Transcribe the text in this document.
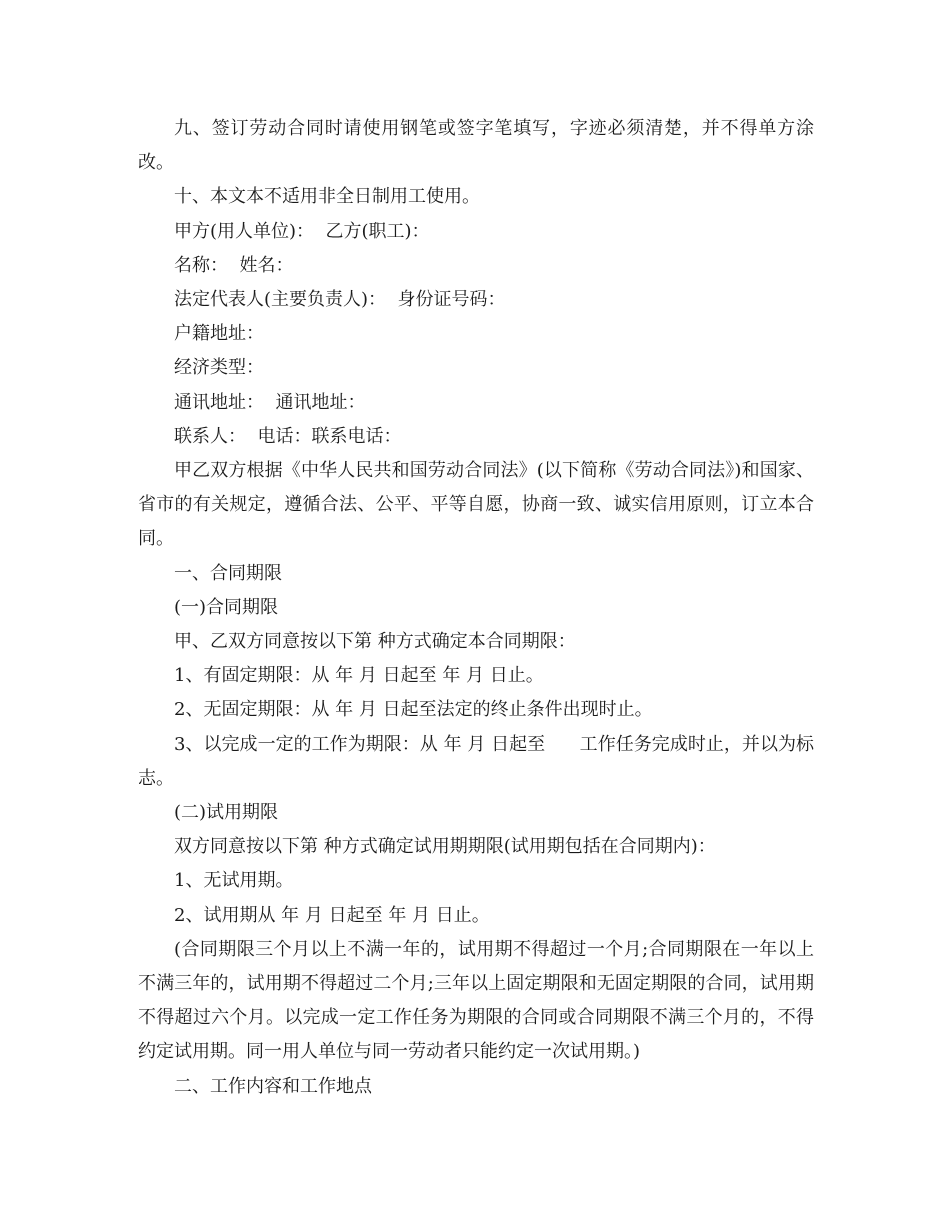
九、签订劳动合同时请使用钢笔或签字笔填写，字迹必须清楚，并不得单方涂改。

十、本文本不适用非全日制用工使用。

甲方(用人单位)：  乙方(职工)：

名称：  姓名：

法定代表人(主要负责人)：  身份证号码：

户籍地址：

经济类型：

通讯地址：  通讯地址：

联系人：  电话：联系电话：

甲乙双方根据《中华人民共和国劳动合同法》(以下简称《劳动合同法》)和国家、省市的有关规定，遵循合法、公平、平等自愿，协商一致、诚实信用原则，订立本合同。

一、合同期限

(一)合同期限

甲、乙双方同意按以下第 种方式确定本合同期限：

1、有固定期限：从 年 月 日起至 年 月 日止。

2、无固定期限：从 年 月 日起至法定的终止条件出现时止。

3、以完成一定的工作为期限：从 年 月 日起至      工作任务完成时止，并以为标志。

(二)试用期限

双方同意按以下第 种方式确定试用期期限(试用期包括在合同期内)：

1、无试用期。

2、试用期从 年 月 日起至 年 月 日止。

(合同期限三个月以上不满一年的，试用期不得超过一个月;合同期限在一年以上不满三年的，试用期不得超过二个月;三年以上固定期限和无固定期限的合同，试用期不得超过六个月。以完成一定工作任务为期限的合同或合同期限不满三个月的，不得约定试用期。同一用人单位与同一劳动者只能约定一次试用期。)

二、工作内容和工作地点
